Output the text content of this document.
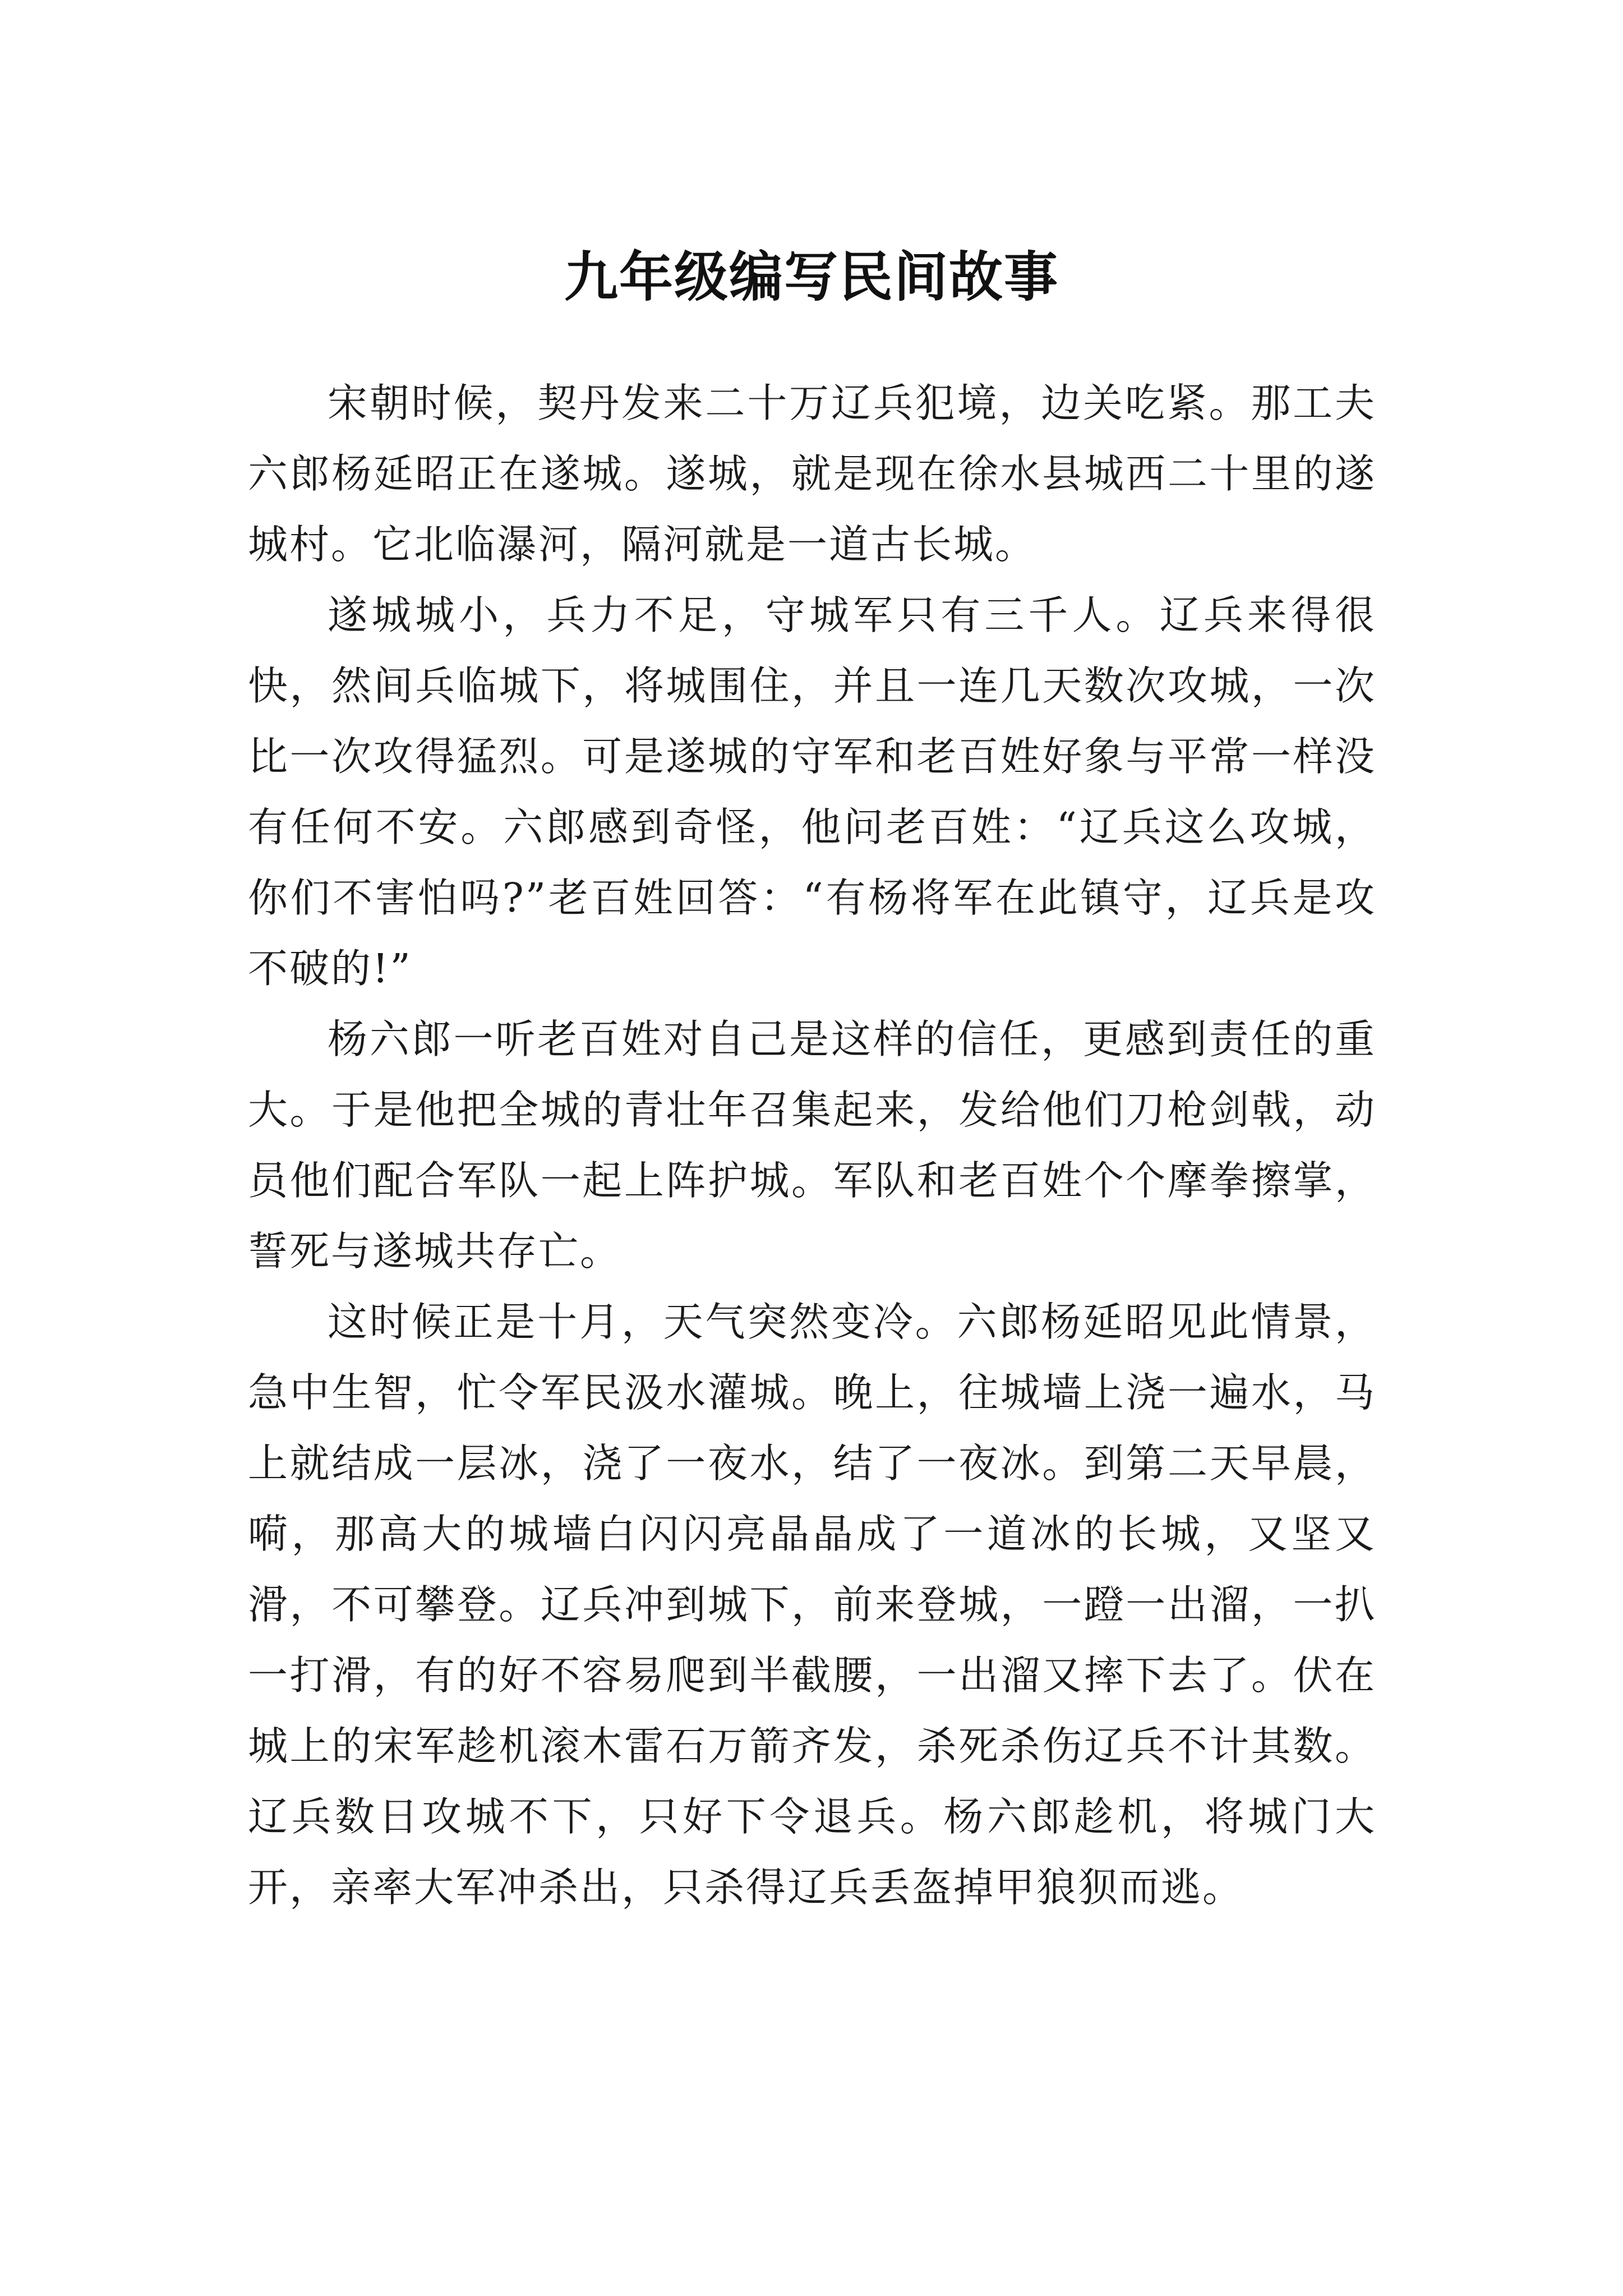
九年级编写民间故事

宋朝时候，契丹发来二十万辽兵犯境，边关吃紧。那工夫六郎杨延昭正在遂城。遂城，就是现在徐水县城西二十里的遂城村。它北临瀑河，隔河就是一道古长城。

遂城城小，兵力不足，守城军只有三千人。辽兵来得很快，然间兵临城下，将城围住，并且一连几天数次攻城，一次比一次攻得猛烈。可是遂城的守军和老百姓好象与平常一样没有任何不安。六郎感到奇怪，他问老百姓：“辽兵这么攻城，你们不害怕吗?”老百姓回答：“有杨将军在此镇守，辽兵是攻不破的!”

杨六郎一听老百姓对自己是这样的信任，更感到责任的重大。于是他把全城的青壮年召集起来，发给他们刀枪剑戟，动员他们配合军队一起上阵护城。军队和老百姓个个摩拳擦掌，誓死与遂城共存亡。

这时候正是十月，天气突然变冷。六郎杨延昭见此情景，急中生智，忙令军民汲水灌城。晚上，往城墙上浇一遍水，马上就结成一层冰，浇了一夜水，结了一夜冰。到第二天早晨，嗬，那高大的城墙白闪闪亮晶晶成了一道冰的长城，又坚又滑，不可攀登。辽兵冲到城下，前来登城，一蹬一出溜，一扒一打滑，有的好不容易爬到半截腰，一出溜又摔下去了。伏在城上的宋军趁机滚木雷石万箭齐发，杀死杀伤辽兵不计其数。辽兵数日攻城不下，只好下令退兵。杨六郎趁机，将城门大开，亲率大军冲杀出，只杀得辽兵丢盔掉甲狼狈而逃。
